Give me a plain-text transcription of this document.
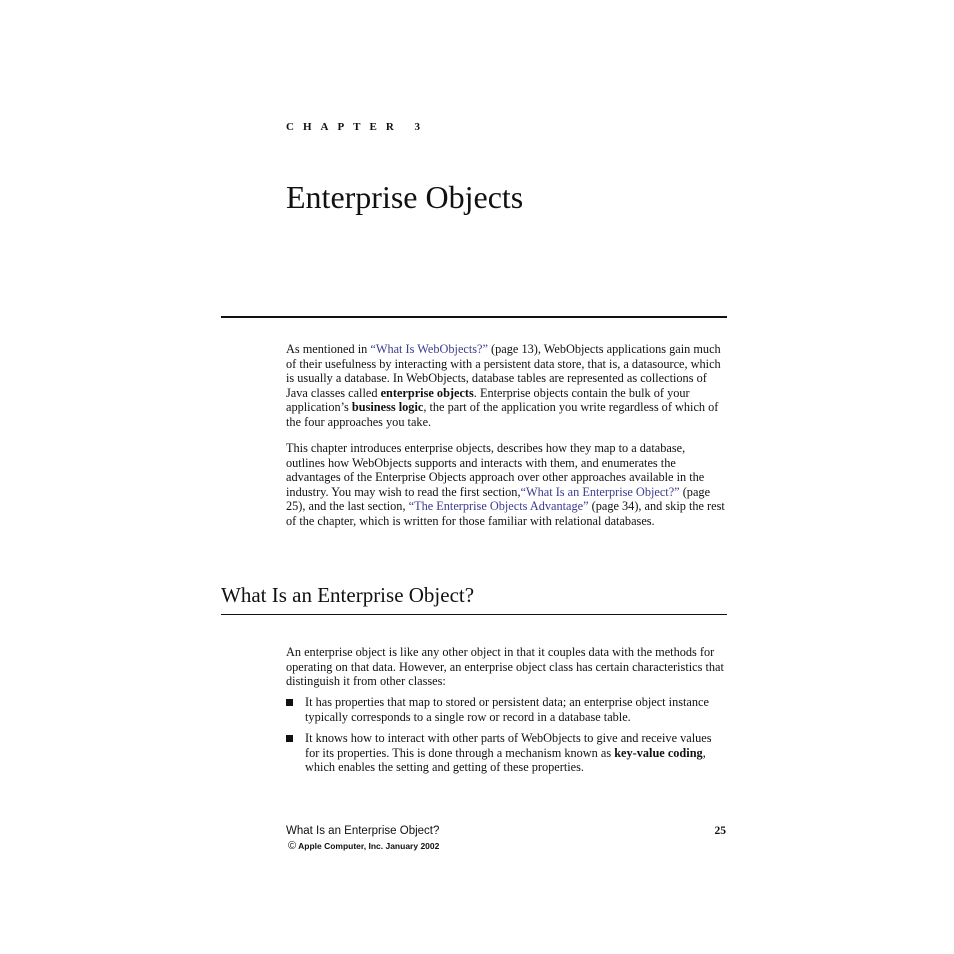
CHAPTER 3
Enterprise Objects

As mentioned in “What Is WebObjects?” (page 13), WebObjects applications gain much of their usefulness by interacting with a persistent data store, that is, a datasource, which is usually a database. In WebObjects, database tables are represented as collections of Java classes called enterprise objects. Enterprise objects contain the bulk of your application’s business logic, the part of the application you write regardless of which of the four approaches you take.

This chapter introduces enterprise objects, describes how they map to a database, outlines how WebObjects supports and interacts with them, and enumerates the advantages of the Enterprise Objects approach over other approaches available in the industry. You may wish to read the first section,“What Is an Enterprise Object?” (page 25), and the last section, “The Enterprise Objects Advantage” (page 34), and skip the rest of the chapter, which is written for those familiar with relational databases.

What Is an Enterprise Object?

An enterprise object is like any other object in that it couples data with the methods for operating on that data. However, an enterprise object class has certain characteristics that distinguish it from other classes:

It has properties that map to stored or persistent data; an enterprise object instance typically corresponds to a single row or record in a database table.
It knows how to interact with other parts of WebObjects to give and receive values for its properties. This is done through a mechanism known as key-value coding, which enables the setting and getting of these properties.
What Is an Enterprise Object?	25
© Apple Computer, Inc. January 2002
